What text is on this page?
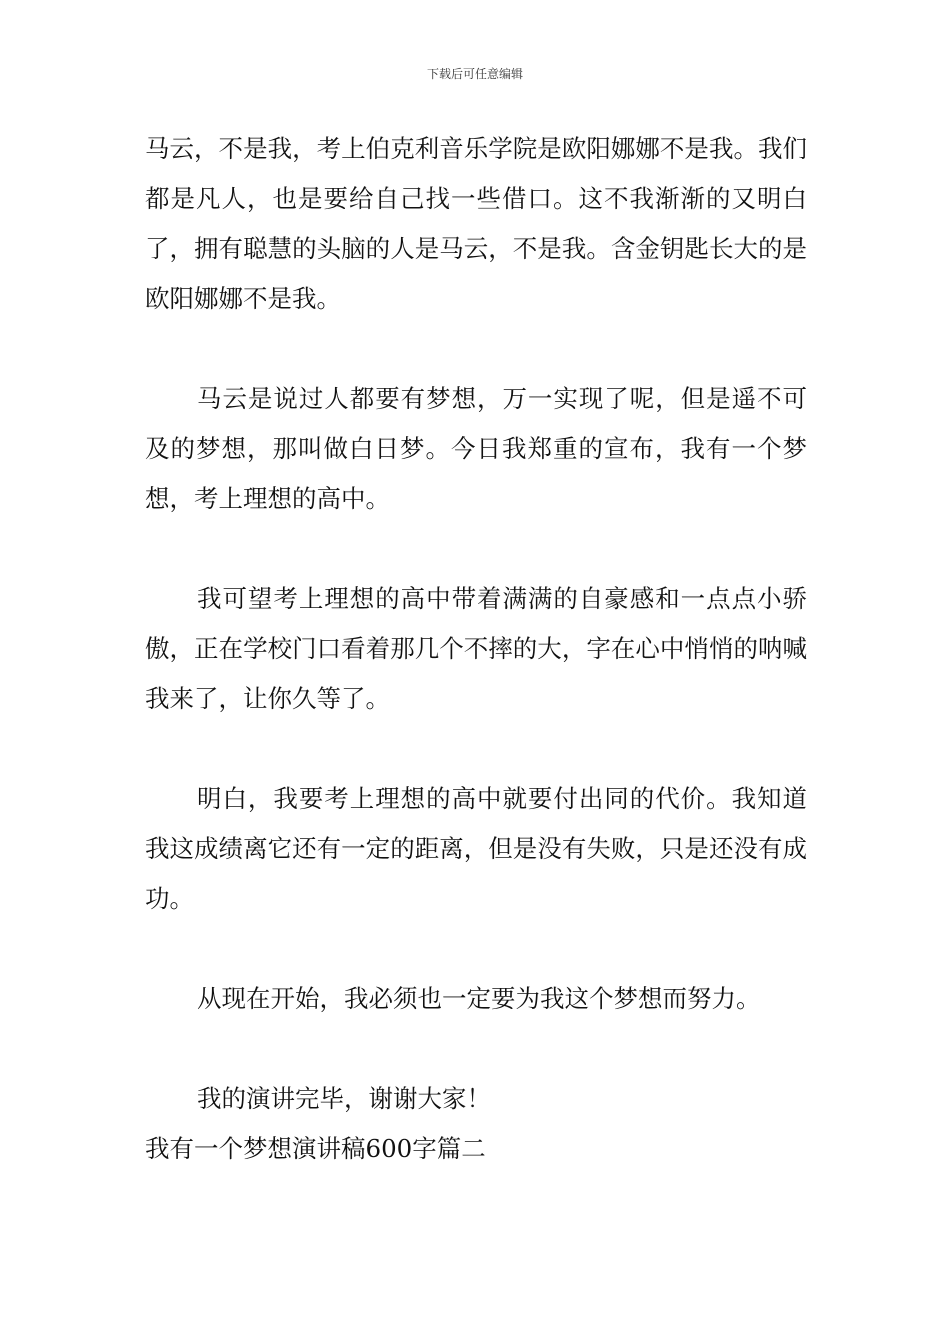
下载后可任意编辑

马云，不是我，考上伯克利音乐学院是欧阳娜娜不是我。我们都是凡人，也是要给自己找一些借口。这不我渐渐的又明白了，拥有聪慧的头脑的人是马云，不是我。含金钥匙长大的是欧阳娜娜不是我。

马云是说过人都要有梦想，万一实现了呢，但是遥不可及的梦想，那叫做白日梦。今日我郑重的宣布，我有一个梦想，考上理想的高中。

我可望考上理想的高中带着满满的自豪感和一点点小骄傲，正在学校门口看着那几个不摔的大，字在心中悄悄的呐喊我来了，让你久等了。

明白，我要考上理想的高中就要付出同的代价。我知道我这成绩离它还有一定的距离，但是没有失败，只是还没有成功。

从现在开始，我必须也一定要为我这个梦想而努力。

我的演讲完毕，谢谢大家！

我有一个梦想演讲稿600字篇二
